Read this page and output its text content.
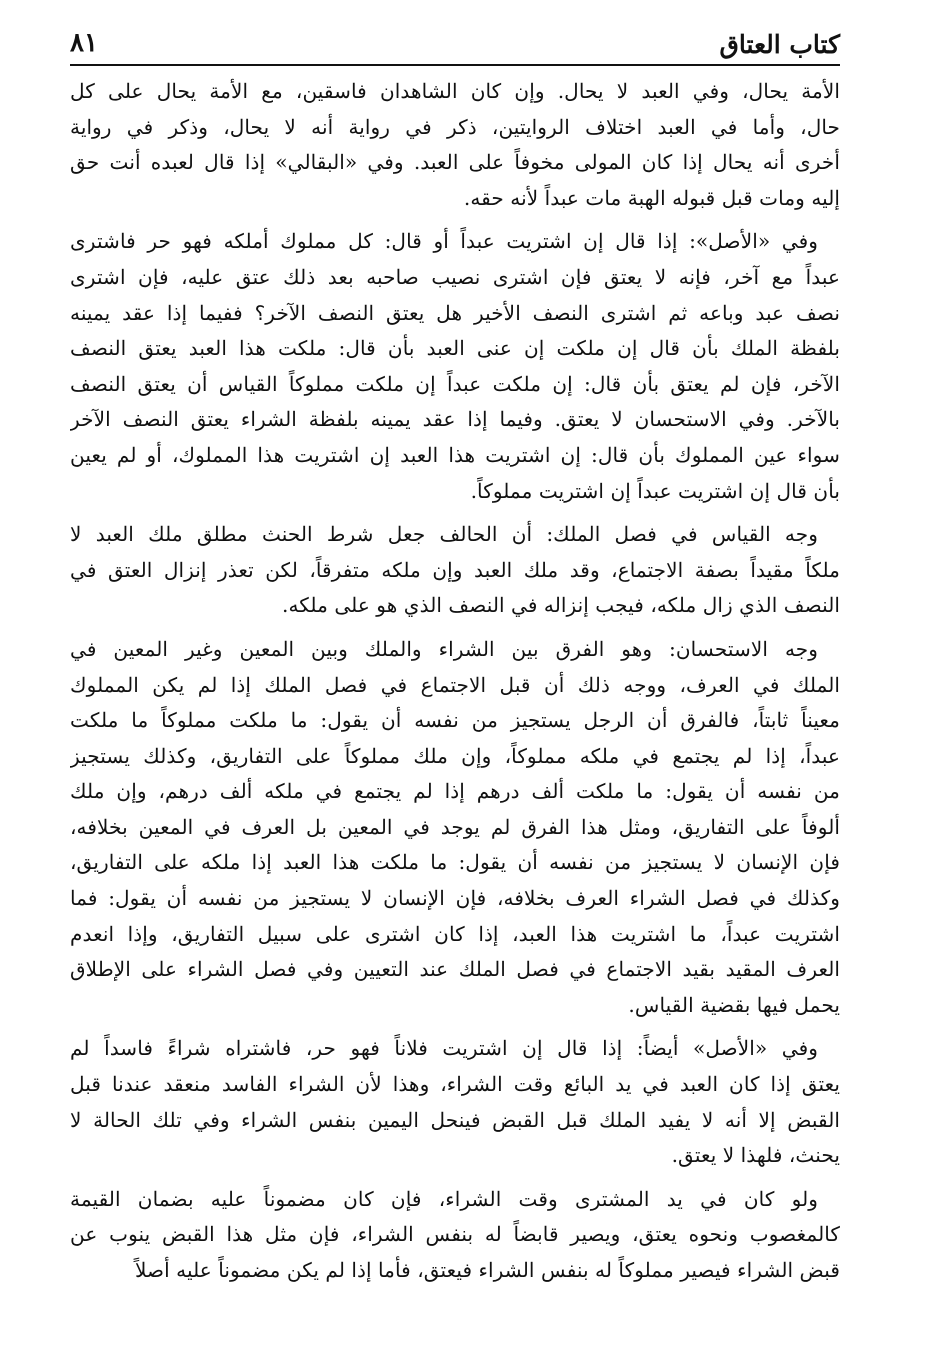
كتاب العتاق
٨١
الأمة يحال، وفي العبد لا يحال. وإن كان الشاهدان فاسقين، مع الأمة يحال على كل
حال، وأما في العبد اختلاف الروايتين، ذكر في رواية أنه لا يحال، وذكر في رواية
أخرى أنه يحال إذا كان المولى مخوفاً على العبد. وفي «البقالي» إذا قال لعبده أنت حق
إليه ومات قبل قبوله الهبة مات عبداً لأنه حقه.
وفي «الأصل»: إذا قال إن اشتريت عبداً أو قال: كل مملوك أملكه فهو حر فاشترى
عبداً مع آخر، فإنه لا يعتق فإن اشترى نصيب صاحبه بعد ذلك عتق عليه، فإن اشترى
نصف عبد وباعه ثم اشترى النصف الأخير هل يعتق النصف الآخر؟ ففيما إذا عقد يمينه
بلفظة الملك بأن قال إن ملكت إن عنى العبد بأن قال: ملكت هذا العبد يعتق النصف
الآخر، فإن لم يعتق بأن قال: إن ملكت عبداً إن ملكت مملوكاً القياس أن يعتق النصف
بالآخر. وفي الاستحسان لا يعتق. وفيما إذا عقد يمينه بلفظة الشراء يعتق النصف الآخر
سواء عين المملوك بأن قال: إن اشتريت هذا العبد إن اشتريت هذا المملوك، أو لم يعين
بأن قال إن اشتريت عبداً إن اشتريت مملوكاً.
وجه القياس في فصل الملك: أن الحالف جعل شرط الحنث مطلق ملك العبد لا
ملكاً مقيداً بصفة الاجتماع، وقد ملك العبد وإن ملكه متفرقاً، لكن تعذر إنزال العتق في
النصف الذي زال ملكه، فيجب إنزاله في النصف الذي هو على ملكه.
وجه الاستحسان: وهو الفرق بين الشراء والملك وبين المعين وغير المعين في
الملك في العرف، ووجه ذلك أن قبل الاجتماع في فصل الملك إذا لم يكن المملوك
معيناً ثابتاً، فالفرق أن الرجل يستجيز من نفسه أن يقول: ما ملكت مملوكاً ما ملكت
عبداً، إذا لم يجتمع في ملكه مملوكاً، وإن ملك مملوكاً على التفاريق، وكذلك يستجيز
من نفسه أن يقول: ما ملكت ألف درهم إذا لم يجتمع في ملكه ألف درهم، وإن ملك
ألوفاً على التفاريق، ومثل هذا الفرق لم يوجد في المعين بل العرف في المعين بخلافه،
فإن الإنسان لا يستجيز من نفسه أن يقول: ما ملكت هذا العبد إذا ملكه على التفاريق،
وكذلك في فصل الشراء العرف بخلافه، فإن الإنسان لا يستجيز من نفسه أن يقول: فما
اشتريت عبداً، ما اشتريت هذا العبد، إذا كان اشترى على سبيل التفاريق، وإذا انعدم
العرف المقيد بقيد الاجتماع في فصل الملك عند التعيين وفي فصل الشراء على الإطلاق
يحمل فيها بقضية القياس.
وفي «الأصل» أيضاً: إذا قال إن اشتريت فلاناً فهو حر، فاشتراه شراءً فاسداً لم
يعتق إذا كان العبد في يد البائع وقت الشراء، وهذا لأن الشراء الفاسد منعقد عندنا قبل
القبض إلا أنه لا يفيد الملك قبل القبض فينحل اليمين بنفس الشراء وفي تلك الحالة لا
يحنث، فلهذا لا يعتق.
ولو كان في يد المشترى وقت الشراء، فإن كان مضموناً عليه بضمان القيمة
كالمغصوب ونحوه يعتق، ويصير قابضاً له بنفس الشراء، فإن مثل هذا القبض ينوب عن
قبض الشراء فيصير مملوكاً له بنفس الشراء فيعتق، فأما إذا لم يكن مضموناً عليه أصلاً
